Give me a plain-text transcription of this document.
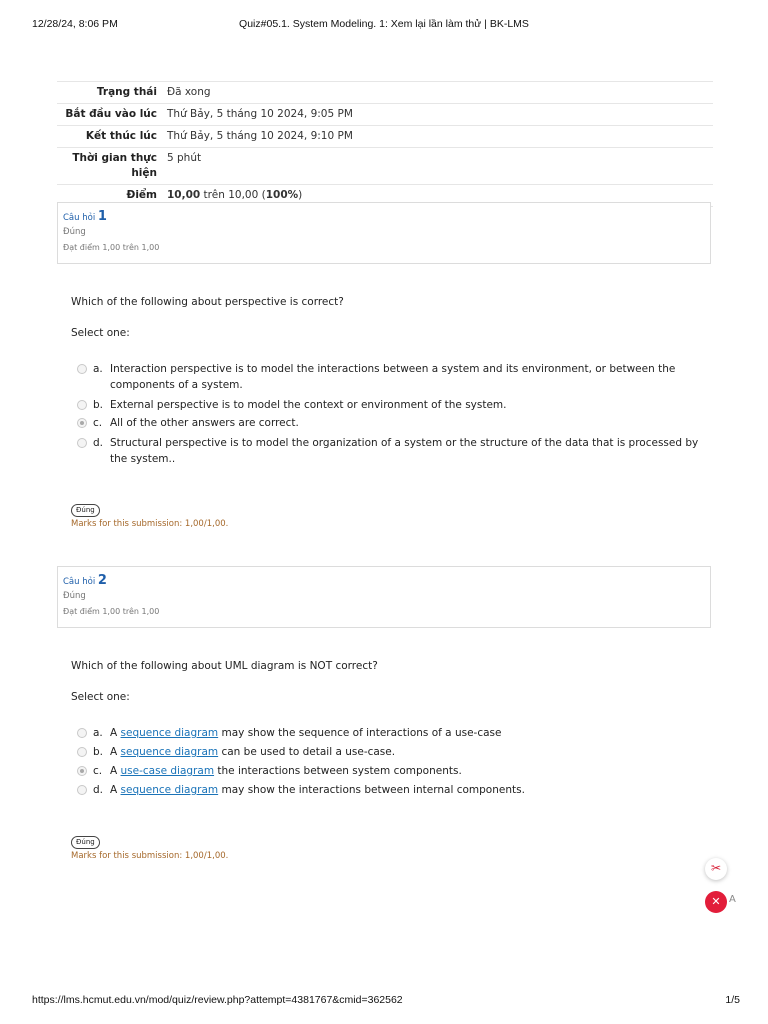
12/28/24, 8:06 PM	Quiz#05.1. System Modeling. 1: Xem lại lần làm thử | BK-LMS
Trạng thái	Đã xong
Bắt đầu vào lúc	Thứ Bảy, 5 tháng 10 2024, 9:05 PM
Kết thúc lúc	Thứ Bảy, 5 tháng 10 2024, 9:10 PM
Thời gian thực hiện	5 phút
Điểm	10,00 trên 10,00 (100%)
Câu hỏi 1
Đúng
Đạt điểm 1,00 trên 1,00
Which of the following about perspective is correct?
Select one:
a. Interaction perspective is to model the interactions between a system and its environment, or between the components of a system.
b. External perspective is to model the context or environment of the system.
c. All of the other answers are correct.
d. Structural perspective is to model the organization of a system or the structure of the data that is processed by the system..
Đúng
Marks for this submission: 1,00/1,00.
Câu hỏi 2
Đúng
Đạt điểm 1,00 trên 1,00
Which of the following about UML diagram is NOT correct?
Select one:
a. A sequence diagram may show the sequence of interactions of a use-case
b. A sequence diagram can be used to detail a use-case.
c. A use-case diagram the interactions between system components.
d. A sequence diagram may show the interactions between internal components.
Đúng
Marks for this submission: 1,00/1,00.
✂
✕ A
https://lms.hcmut.edu.vn/mod/quiz/review.php?attempt=4381767&cmid=362562	1/5
